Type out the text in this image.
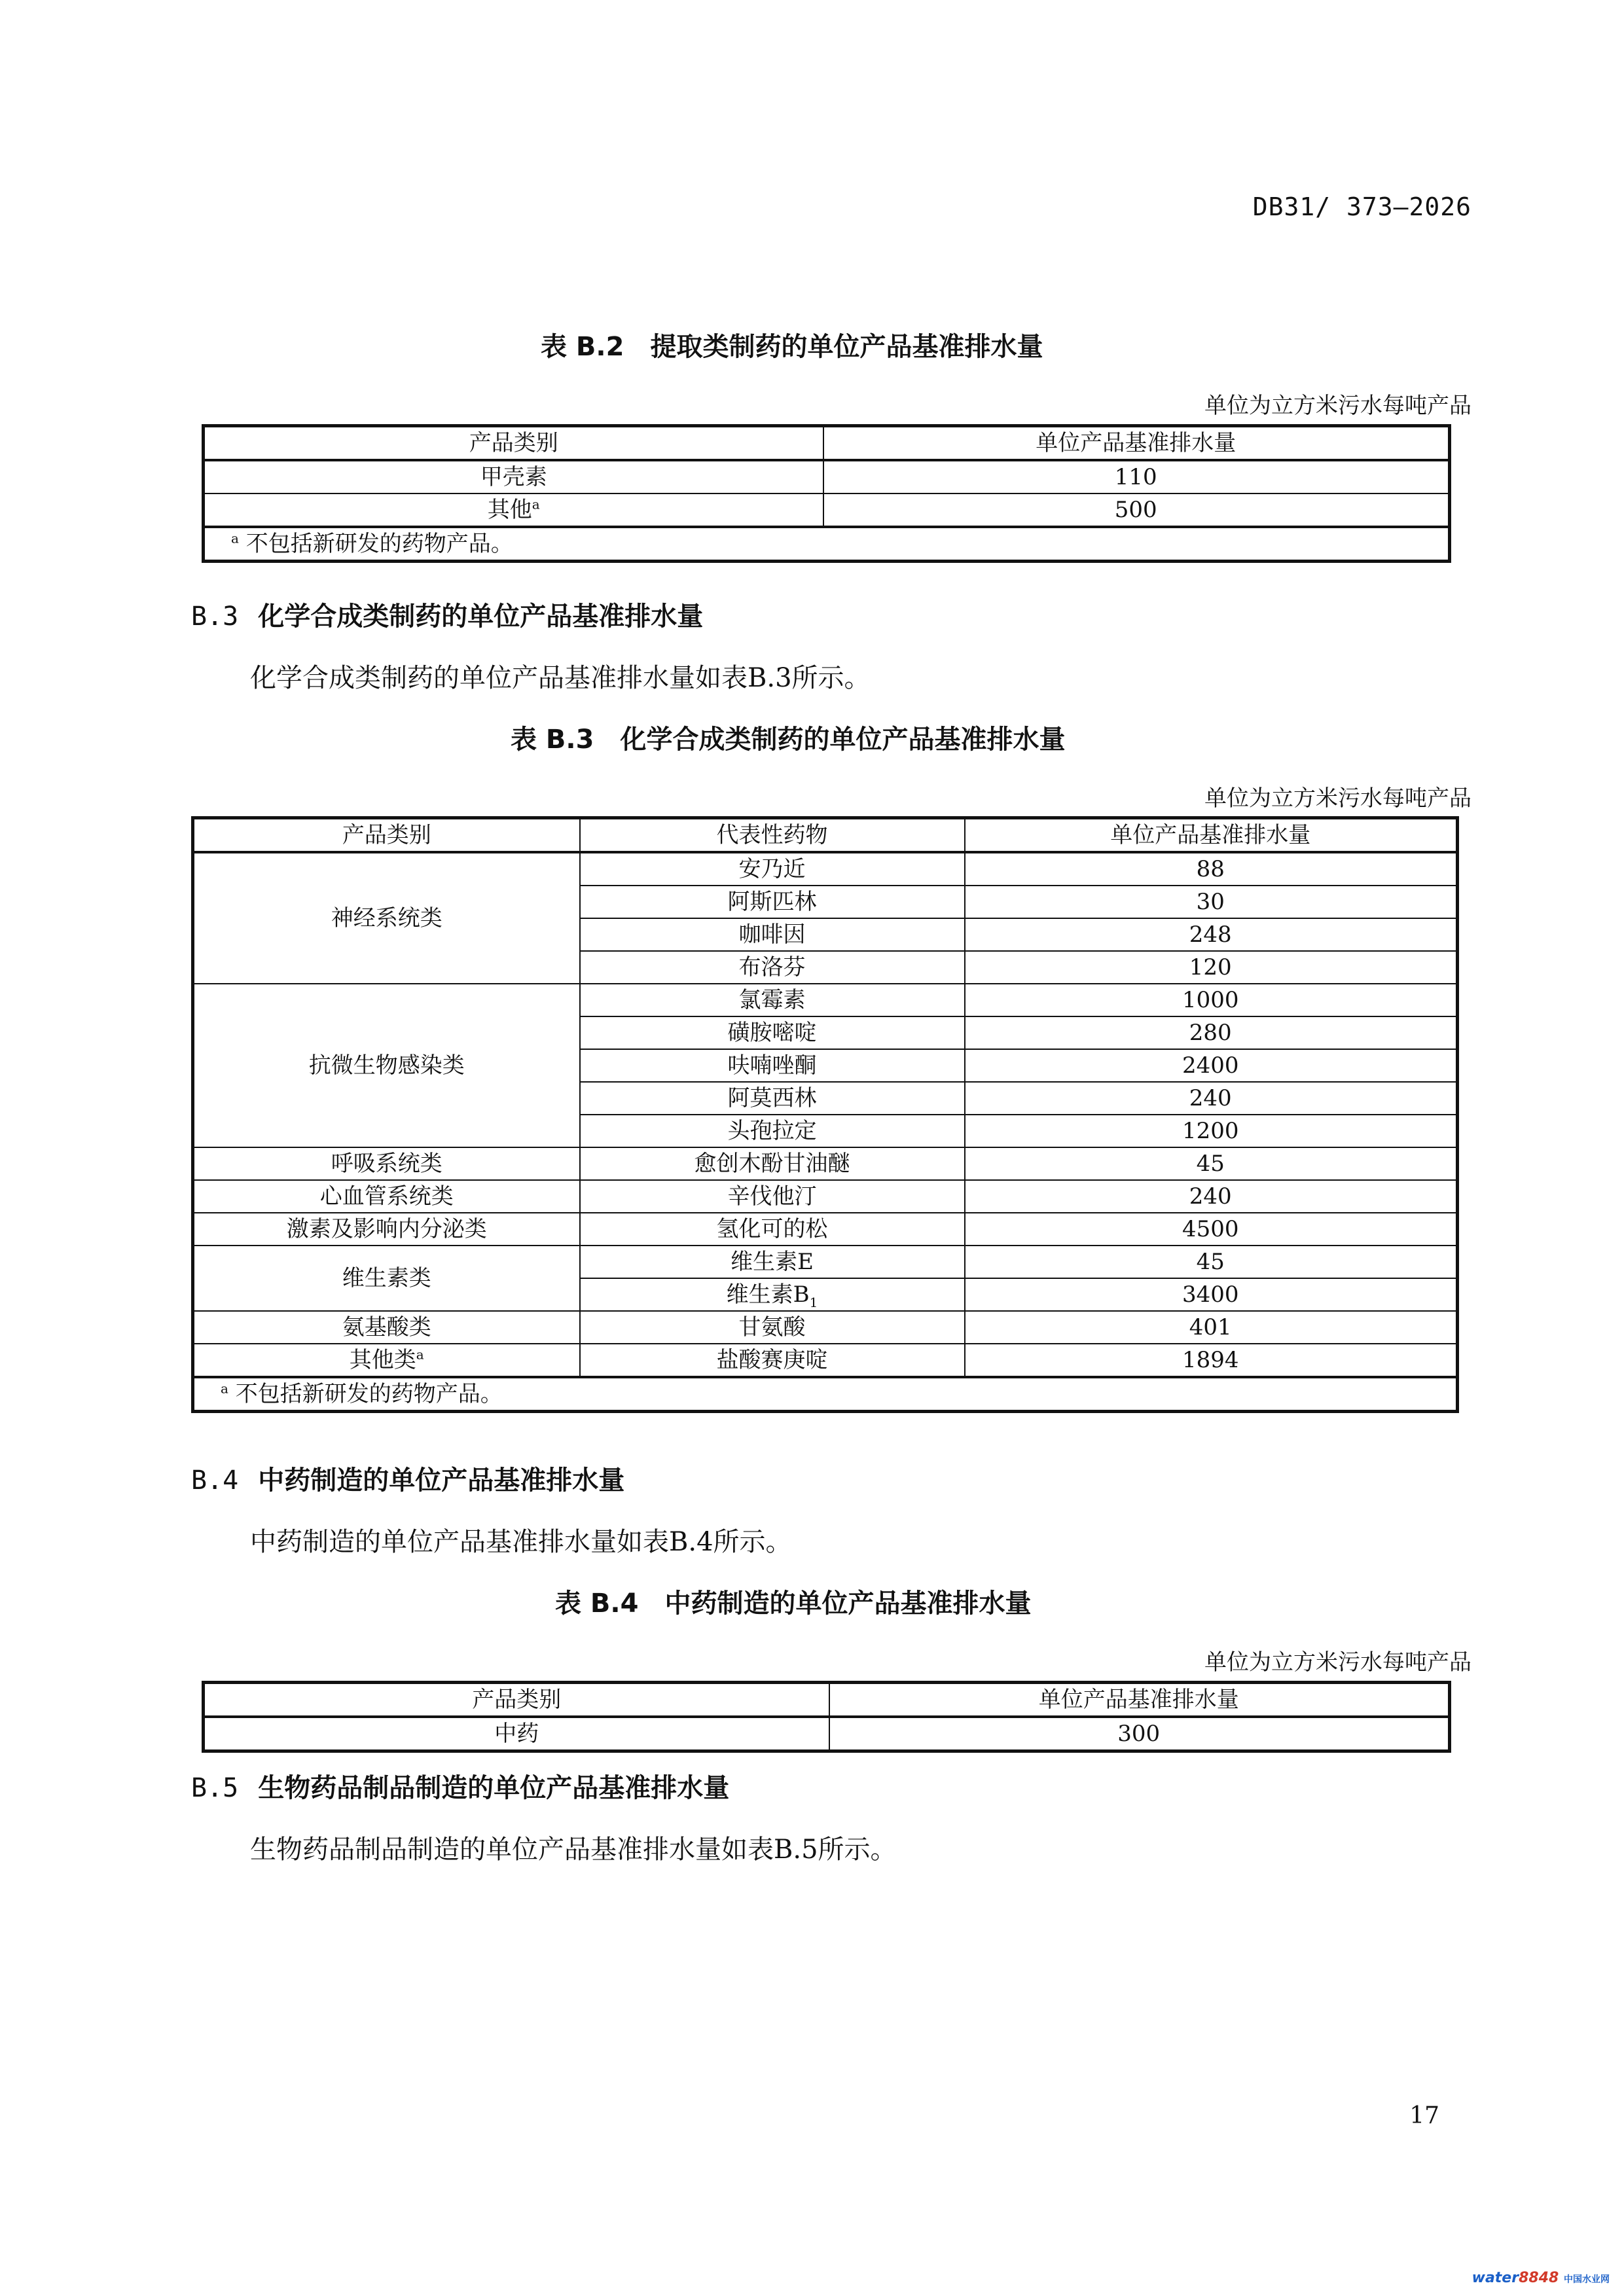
DB31/ 373—2026
表 B.2　提取类制药的单位产品基准排水量
单位为立方米污水每吨产品
产品类别	单位产品基准排水量
甲壳素	110
其他$^a$	500
$^a$ 不包括新研发的药物产品。	
B.3 化学合成类制药的单位产品基准排水量
化学合成类制药的单位产品基准排水量如表B.3所示。
表 B.3　化学合成类制药的单位产品基准排水量
单位为立方米污水每吨产品
产品类别	代表性药物	单位产品基准排水量
神经系统类	安乃近	88
	阿斯匹林	30
	咖啡因	248
	布洛芬	120
抗微生物感染类	氯霉素	1000
	磺胺嘧啶	280
	呋喃唑酮	2400
	阿莫西林	240
	头孢拉定	1200
呼吸系统类	愈创木酚甘油醚	45
心血管系统类	辛伐他汀	240
激素及影响内分泌类	氢化可的松	4500
维生素类	维生素E	45
	维生素$B_1$	3400
氨基酸类	甘氨酸	401
其他类$^a$	盐酸赛庚啶	1894
$^a$ 不包括新研发的药物产品。		
B.4 中药制造的单位产品基准排水量
中药制造的单位产品基准排水量如表B.4所示。
表 B.4　中药制造的单位产品基准排水量
单位为立方米污水每吨产品
产品类别	单位产品基准排水量
中药	300
B.5 生物药品制品制造的单位产品基准排水量
生物药品制品制造的单位产品基准排水量如表B.5所示。
17
water8848 中国水业网
